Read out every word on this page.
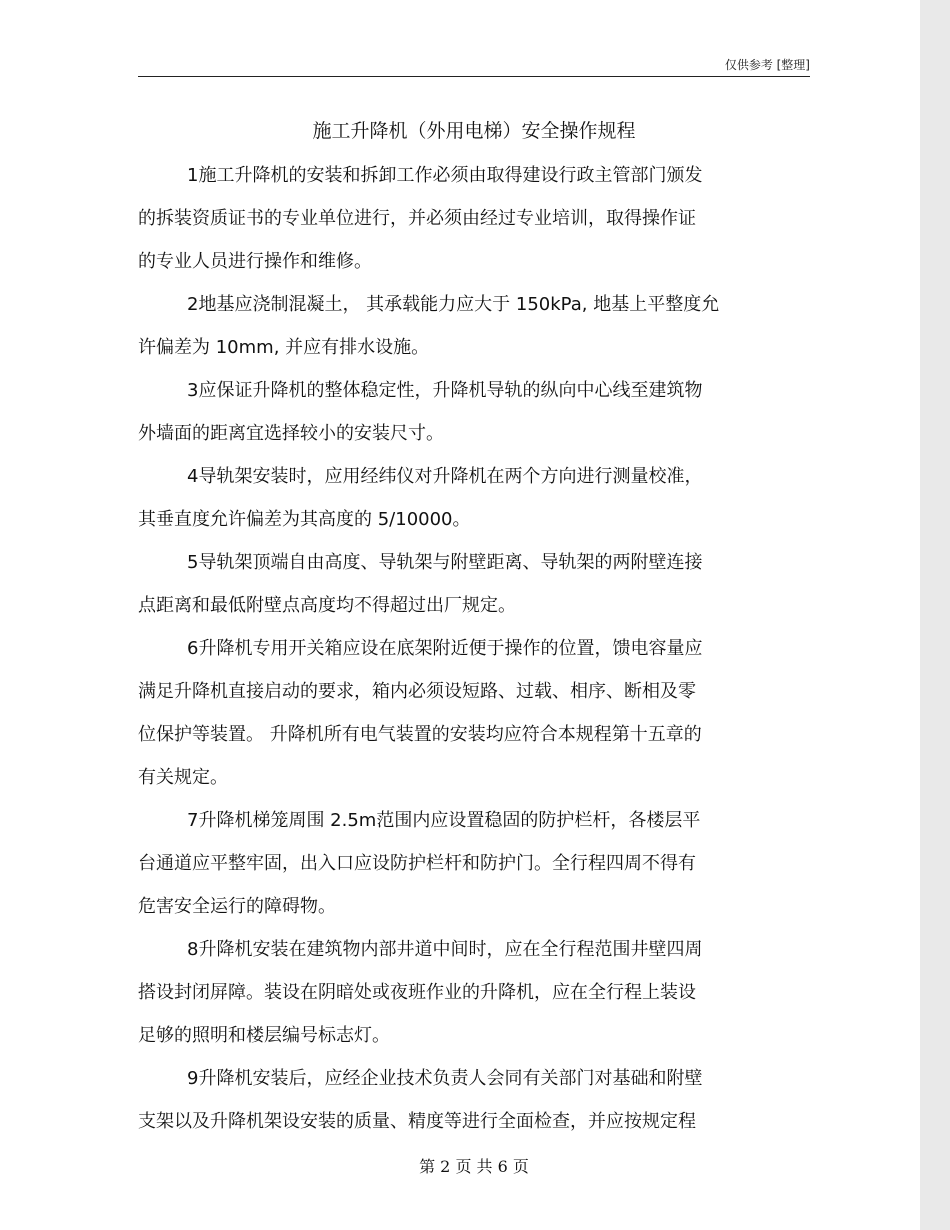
仅供参考 [整理]
施工升降机（外用电梯）安全操作规程

1施工升降机的安装和拆卸工作必须由取得建设行政主管部门颁发
的拆装资质证书的专业单位进行，并必须由经过专业培训，取得操作证
的专业人员进行操作和维修。

2地基应浇制混凝土， 其承载能力应大于 150kPa, 地基上平整度允
许偏差为 10mm, 并应有排水设施。

3应保证升降机的整体稳定性，升降机导轨的纵向中心线至建筑物
外墙面的距离宜选择较小的安装尺寸。

4导轨架安装时，应用经纬仪对升降机在两个方向进行测量校准，
其垂直度允许偏差为其高度的 5/10000。

5导轨架顶端自由高度、导轨架与附壁距离、导轨架的两附壁连接
点距离和最低附壁点高度均不得超过出厂规定。

6升降机专用开关箱应设在底架附近便于操作的位置，馈电容量应
满足升降机直接启动的要求，箱内必须设短路、过载、相序、断相及零
位保护等装置。 升降机所有电气装置的安装均应符合本规程第十五章的
有关规定。

7升降机梯笼周围 2.5m范围内应设置稳固的防护栏杆，各楼层平
台通道应平整牢固，出入口应设防护栏杆和防护门。全行程四周不得有
危害安全运行的障碍物。

8升降机安装在建筑物内部井道中间时，应在全行程范围井壁四周
搭设封闭屏障。装设在阴暗处或夜班作业的升降机，应在全行程上装设
足够的照明和楼层编号标志灯。

9升降机安装后，应经企业技术负责人会同有关部门对基础和附壁
支架以及升降机架设安装的质量、精度等进行全面检查，并应按规定程

第 2 页 共 6 页
